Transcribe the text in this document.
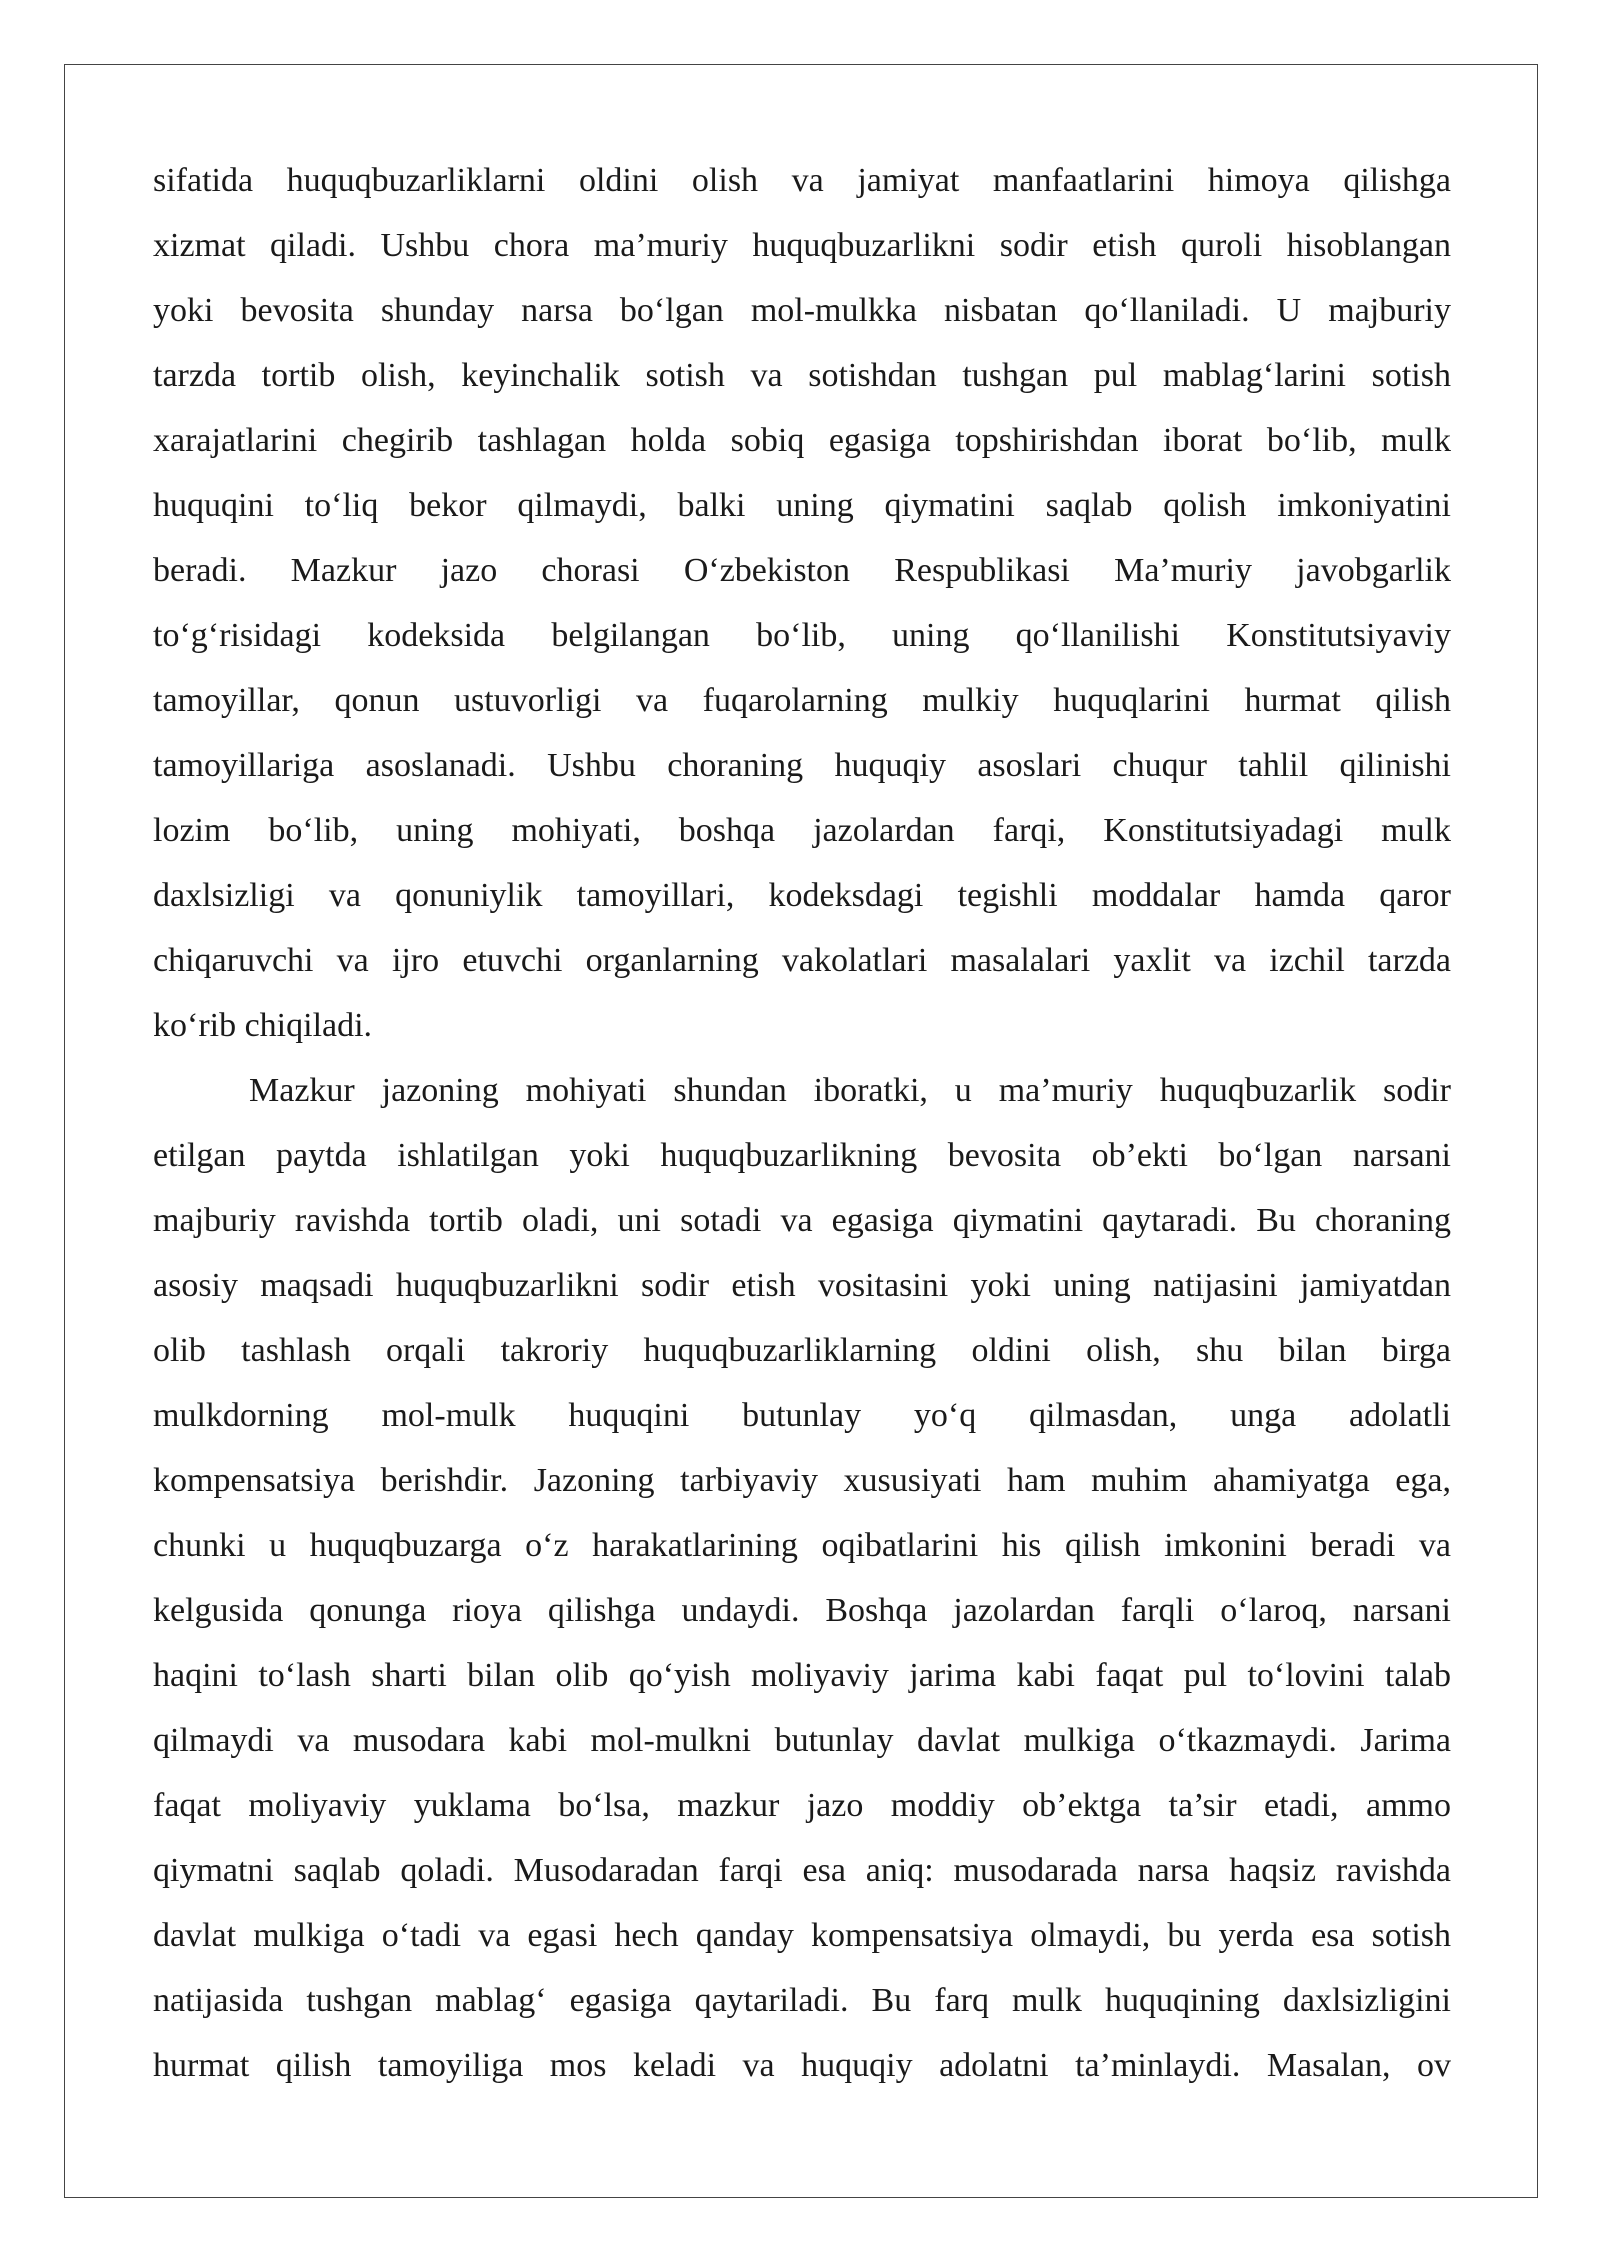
sifatida huquqbuzarliklarni oldini olish va jamiyat manfaatlarini himoya qilishga
xizmat qiladi. Ushbu chora ma’muriy huquqbuzarlikni sodir etish quroli hisoblangan
yoki bevosita shunday narsa bo‘lgan mol-mulkka nisbatan qo‘llaniladi. U majburiy
tarzda tortib olish, keyinchalik sotish va sotishdan tushgan pul mablag‘larini sotish
xarajatlarini chegirib tashlagan holda sobiq egasiga topshirishdan iborat bo‘lib, mulk
huquqini to‘liq bekor qilmaydi, balki uning qiymatini saqlab qolish imkoniyatini
beradi. Mazkur jazo chorasi O‘zbekiston Respublikasi Ma’muriy javobgarlik
to‘g‘risidagi kodeksida belgilangan bo‘lib, uning qo‘llanilishi Konstitutsiyaviy
tamoyillar, qonun ustuvorligi va fuqarolarning mulkiy huquqlarini hurmat qilish
tamoyillariga asoslanadi. Ushbu choraning huquqiy asoslari chuqur tahlil qilinishi
lozim bo‘lib, uning mohiyati, boshqa jazolardan farqi, Konstitutsiyadagi mulk
daxlsizligi va qonuniylik tamoyillari, kodeksdagi tegishli moddalar hamda qaror
chiqaruvchi va ijro etuvchi organlarning vakolatlari masalalari yaxlit va izchil tarzda
ko‘rib chiqiladi.
Mazkur jazoning mohiyati shundan iboratki, u ma’muriy huquqbuzarlik sodir
etilgan paytda ishlatilgan yoki huquqbuzarlikning bevosita ob’ekti bo‘lgan narsani
majburiy ravishda tortib oladi, uni sotadi va egasiga qiymatini qaytaradi. Bu choraning
asosiy maqsadi huquqbuzarlikni sodir etish vositasini yoki uning natijasini jamiyatdan
olib tashlash orqali takroriy huquqbuzarliklarning oldini olish, shu bilan birga
mulkdorning mol-mulk huquqini butunlay yo‘q qilmasdan, unga adolatli
kompensatsiya berishdir. Jazoning tarbiyaviy xususiyati ham muhim ahamiyatga ega,
chunki u huquqbuzarga o‘z harakatlarining oqibatlarini his qilish imkonini beradi va
kelgusida qonunga rioya qilishga undaydi. Boshqa jazolardan farqli o‘laroq, narsani
haqini to‘lash sharti bilan olib qo‘yish moliyaviy jarima kabi faqat pul to‘lovini talab
qilmaydi va musodara kabi mol-mulkni butunlay davlat mulkiga o‘tkazmaydi. Jarima
faqat moliyaviy yuklama bo‘lsa, mazkur jazo moddiy ob’ektga ta’sir etadi, ammo
qiymatni saqlab qoladi. Musodaradan farqi esa aniq: musodarada narsa haqsiz ravishda
davlat mulkiga o‘tadi va egasi hech qanday kompensatsiya olmaydi, bu yerda esa sotish
natijasida tushgan mablag‘ egasiga qaytariladi. Bu farq mulk huquqining daxlsizligini
hurmat qilish tamoyiliga mos keladi va huquqiy adolatni ta’minlaydi. Masalan, ov
